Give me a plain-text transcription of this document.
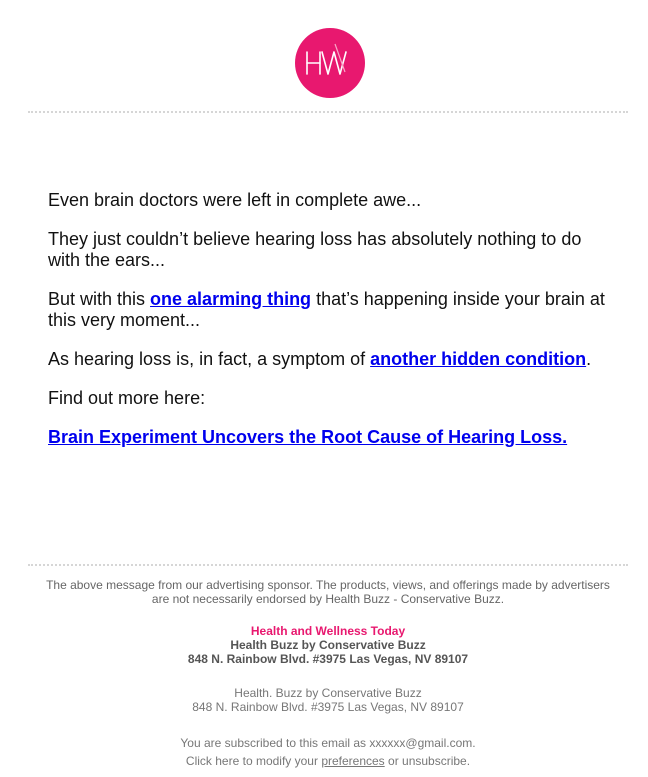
Even brain doctors were left in complete awe...

They just couldn’t believe hearing loss has absolutely nothing to do with the ears...

But with this one alarming thing that’s happening inside your brain at this very moment...

As hearing loss is, in fact, a symptom of another hidden condition.

Find out more here:

Brain Experiment Uncovers the Root Cause of Hearing Loss.

The above message from our advertising sponsor. The products, views, and offerings made by advertisers are not necessarily endorsed by Health Buzz - Conservative Buzz.
Health and Wellness Today
Health Buzz by Conservative Buzz
848 N. Rainbow Blvd. #3975 Las Vegas, NV 89107
Health. Buzz by Conservative Buzz
848 N. Rainbow Blvd. #3975 Las Vegas, NV 89107
You are subscribed to this email as xxxxxx@gmail.com.
Click here to modify your preferences or unsubscribe.
